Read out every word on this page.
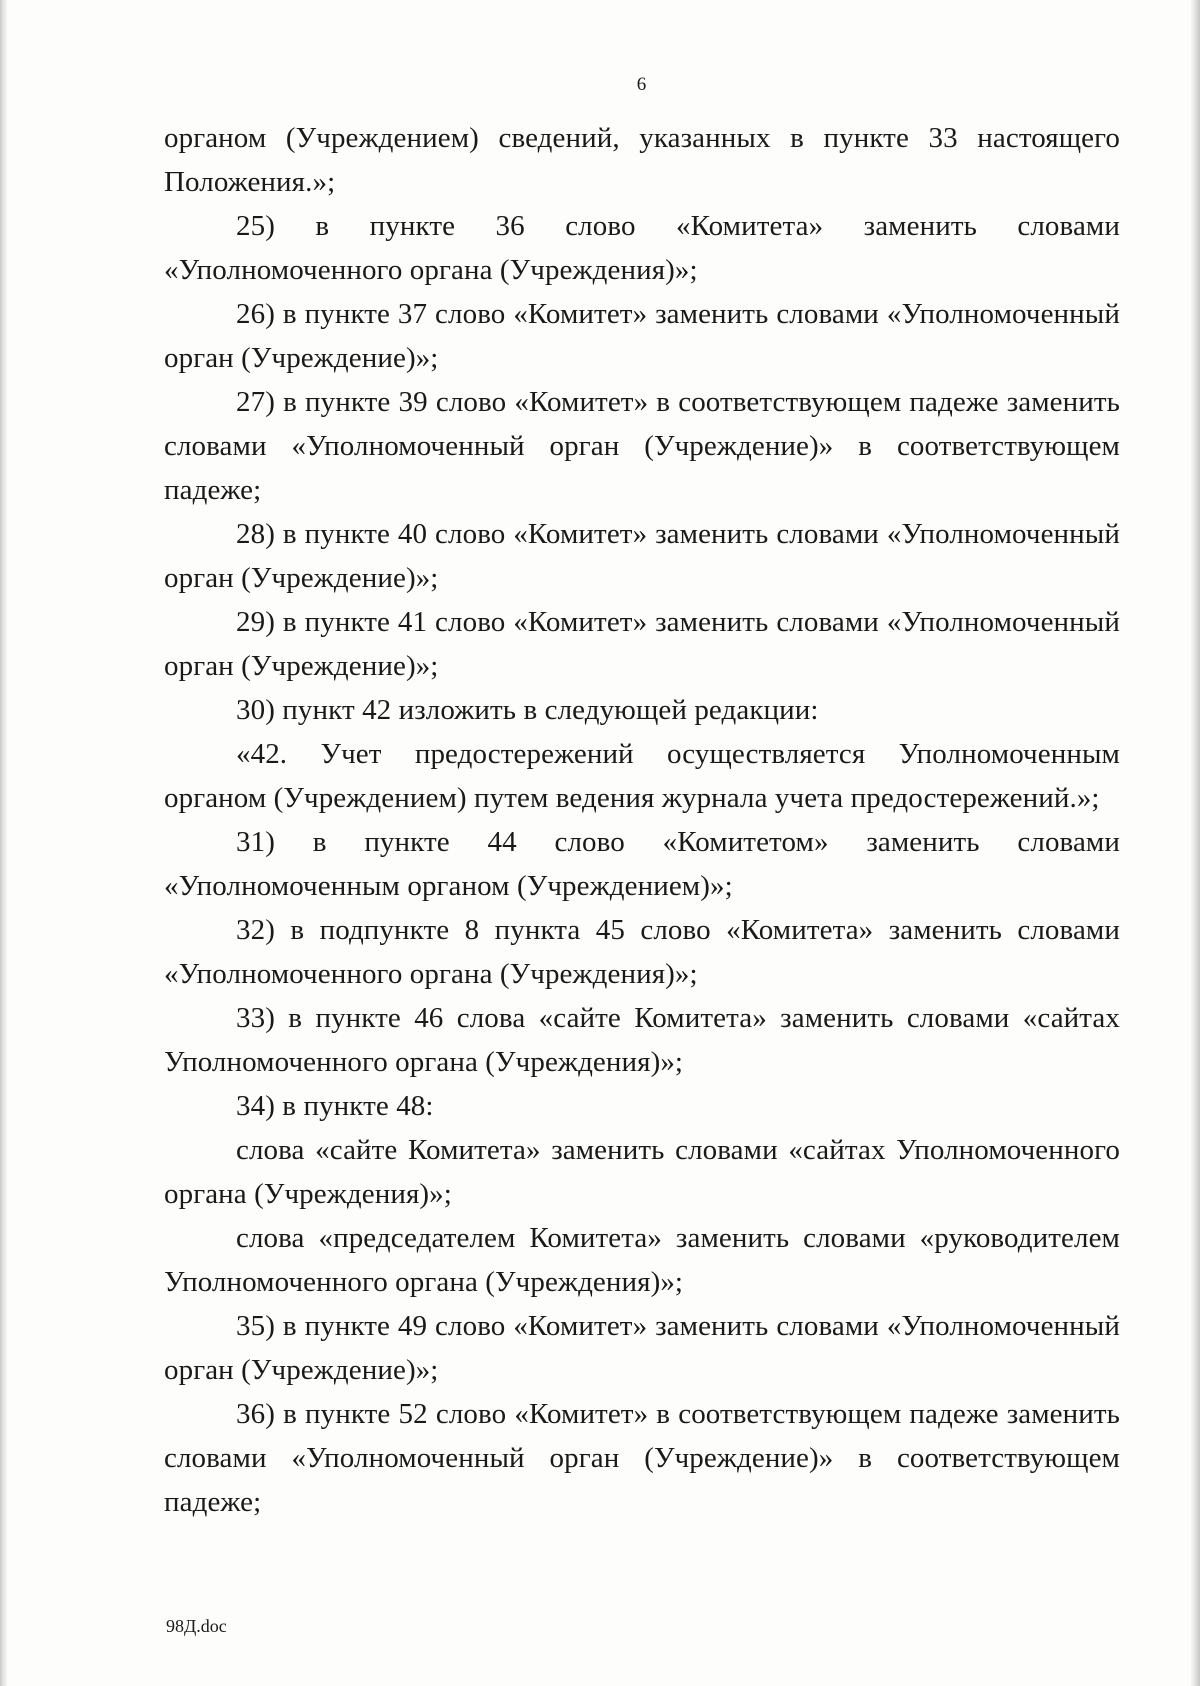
6

органом (Учреждением) сведений, указанных в пункте 33 настоящего Положения.»;

25) в пункте 36 слово «Комитета» заменить словами «Уполномоченного органа (Учреждения)»;

26) в пункте 37 слово «Комитет» заменить словами «Уполномоченный орган (Учреждение)»;

27) в пункте 39 слово «Комитет» в соответствующем падеже заменить словами «Уполномоченный орган (Учреждение)» в соответствующем падеже;

28) в пункте 40 слово «Комитет» заменить словами «Уполномоченный орган (Учреждение)»;

29) в пункте 41 слово «Комитет» заменить словами «Уполномоченный орган (Учреждение)»;

30) пункт 42 изложить в следующей редакции:

«42. Учет предостережений осуществляется Уполномоченным органом (Учреждением) путем ведения журнала учета предостережений.»;

31) в пункте 44 слово «Комитетом» заменить словами «Уполномоченным органом (Учреждением)»;

32) в подпункте 8 пункта 45 слово «Комитета» заменить словами «Уполномоченного органа (Учреждения)»;

33) в пункте 46 слова «сайте Комитета» заменить словами «сайтах Уполномоченного органа (Учреждения)»;

34) в пункте 48:

слова «сайте Комитета» заменить словами «сайтах Уполномоченного органа (Учреждения)»;

слова «председателем Комитета» заменить словами «руководителем Уполномоченного органа (Учреждения)»;

35) в пункте 49 слово «Комитет» заменить словами «Уполномоченный орган (Учреждение)»;

36) в пункте 52 слово «Комитет» в соответствующем падеже заменить словами «Уполномоченный орган (Учреждение)» в соответствующем падеже;

98Д.doc
